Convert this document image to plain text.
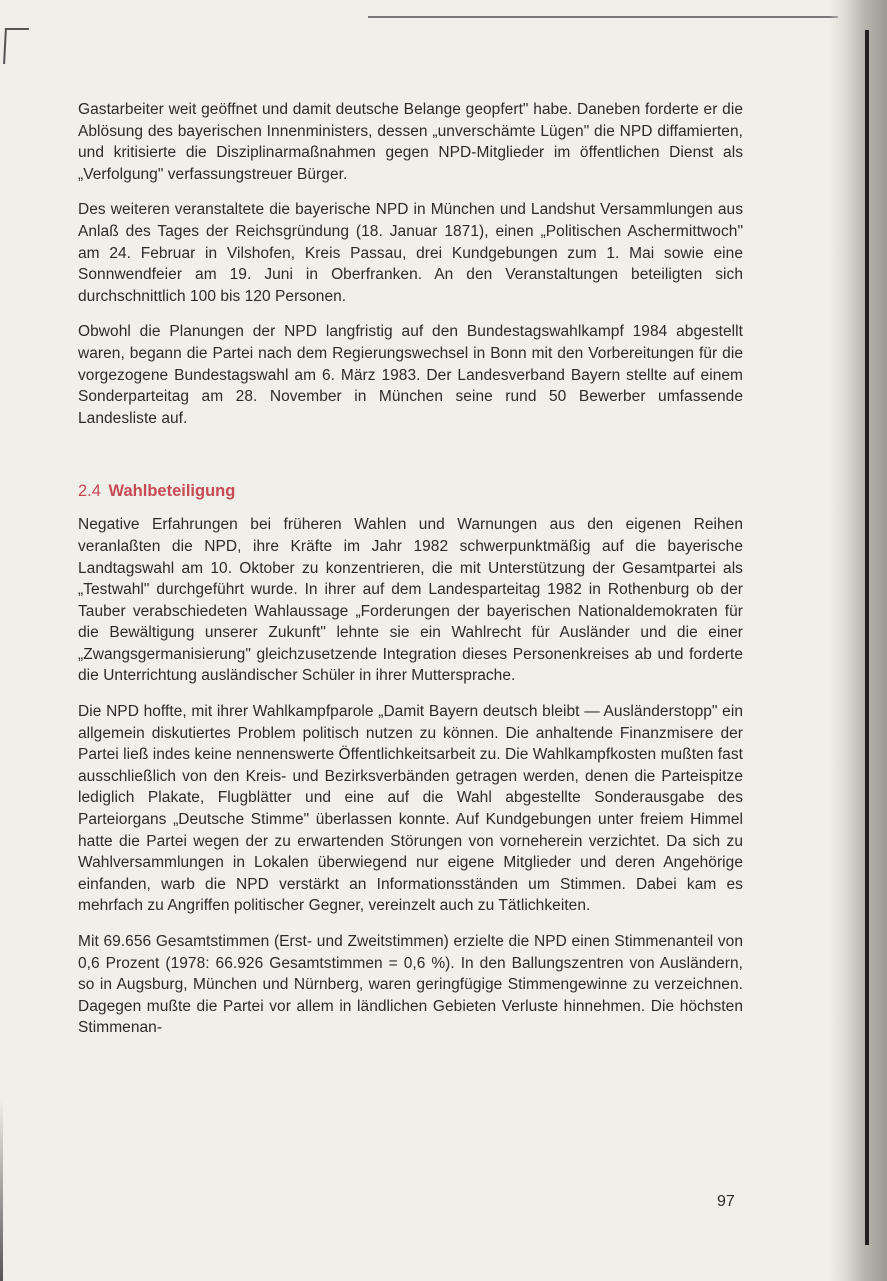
Gastarbeiter weit geöffnet und damit deutsche Belange geopfert" habe. Daneben forderte er die Ablösung des bayerischen Innenministers, dessen „unverschämte Lügen" die NPD diffamierten, und kritisierte die Disziplinarmaßnahmen gegen NPD-Mitglieder im öffentlichen Dienst als „Verfolgung" verfassungstreuer Bürger.

Des weiteren veranstaltete die bayerische NPD in München und Landshut Versammlungen aus Anlaß des Tages der Reichsgründung (18. Januar 1871), einen „Politischen Aschermittwoch" am 24. Februar in Vilshofen, Kreis Passau, drei Kundgebungen zum 1. Mai sowie eine Sonnwendfeier am 19. Juni in Oberfranken. An den Veranstaltungen beteiligten sich durchschnittlich 100 bis 120 Personen.

Obwohl die Planungen der NPD langfristig auf den Bundestagswahlkampf 1984 abgestellt waren, begann die Partei nach dem Regierungswechsel in Bonn mit den Vorbereitungen für die vorgezogene Bundestagswahl am 6. März 1983. Der Landesverband Bayern stellte auf einem Sonderparteitag am 28. November in München seine rund 50 Bewerber umfassende Landesliste auf.

2.4 Wahlbeteiligung

Negative Erfahrungen bei früheren Wahlen und Warnungen aus den eigenen Reihen veranlaßten die NPD, ihre Kräfte im Jahr 1982 schwerpunktmäßig auf die bayerische Landtagswahl am 10. Oktober zu konzentrieren, die mit Unterstützung der Gesamtpartei als „Testwahl" durchgeführt wurde. In ihrer auf dem Landesparteitag 1982 in Rothenburg ob der Tauber verabschiedeten Wahlaussage „Forderungen der bayerischen Nationaldemokraten für die Bewältigung unserer Zukunft" lehnte sie ein Wahlrecht für Ausländer und die einer „Zwangsgermanisierung" gleichzusetzende Integration dieses Personenkreises ab und forderte die Unterrichtung ausländischer Schüler in ihrer Muttersprache.

Die NPD hoffte, mit ihrer Wahlkampfparole „Damit Bayern deutsch bleibt — Ausländerstopp" ein allgemein diskutiertes Problem politisch nutzen zu können. Die anhaltende Finanzmisere der Partei ließ indes keine nennenswerte Öffentlichkeitsarbeit zu. Die Wahlkampfkosten mußten fast ausschließlich von den Kreis- und Bezirksverbänden getragen werden, denen die Parteispitze lediglich Plakate, Flugblätter und eine auf die Wahl abgestellte Sonderausgabe des Parteiorgans „Deutsche Stimme" überlassen konnte. Auf Kundgebungen unter freiem Himmel hatte die Partei wegen der zu erwartenden Störungen von vorneherein verzichtet. Da sich zu Wahlversammlungen in Lokalen überwiegend nur eigene Mitglieder und deren Angehörige einfanden, warb die NPD verstärkt an Informationsständen um Stimmen. Dabei kam es mehrfach zu Angriffen politischer Gegner, vereinzelt auch zu Tätlichkeiten.

Mit 69.656 Gesamtstimmen (Erst- und Zweitstimmen) erzielte die NPD einen Stimmenanteil von 0,6 Prozent (1978: 66.926 Gesamtstimmen = 0,6 %). In den Ballungszentren von Ausländern, so in Augsburg, München und Nürnberg, waren geringfügige Stimmengewinne zu verzeichnen. Dagegen mußte die Partei vor allem in ländlichen Gebieten Verluste hinnehmen. Die höchsten Stimmenan-

97
